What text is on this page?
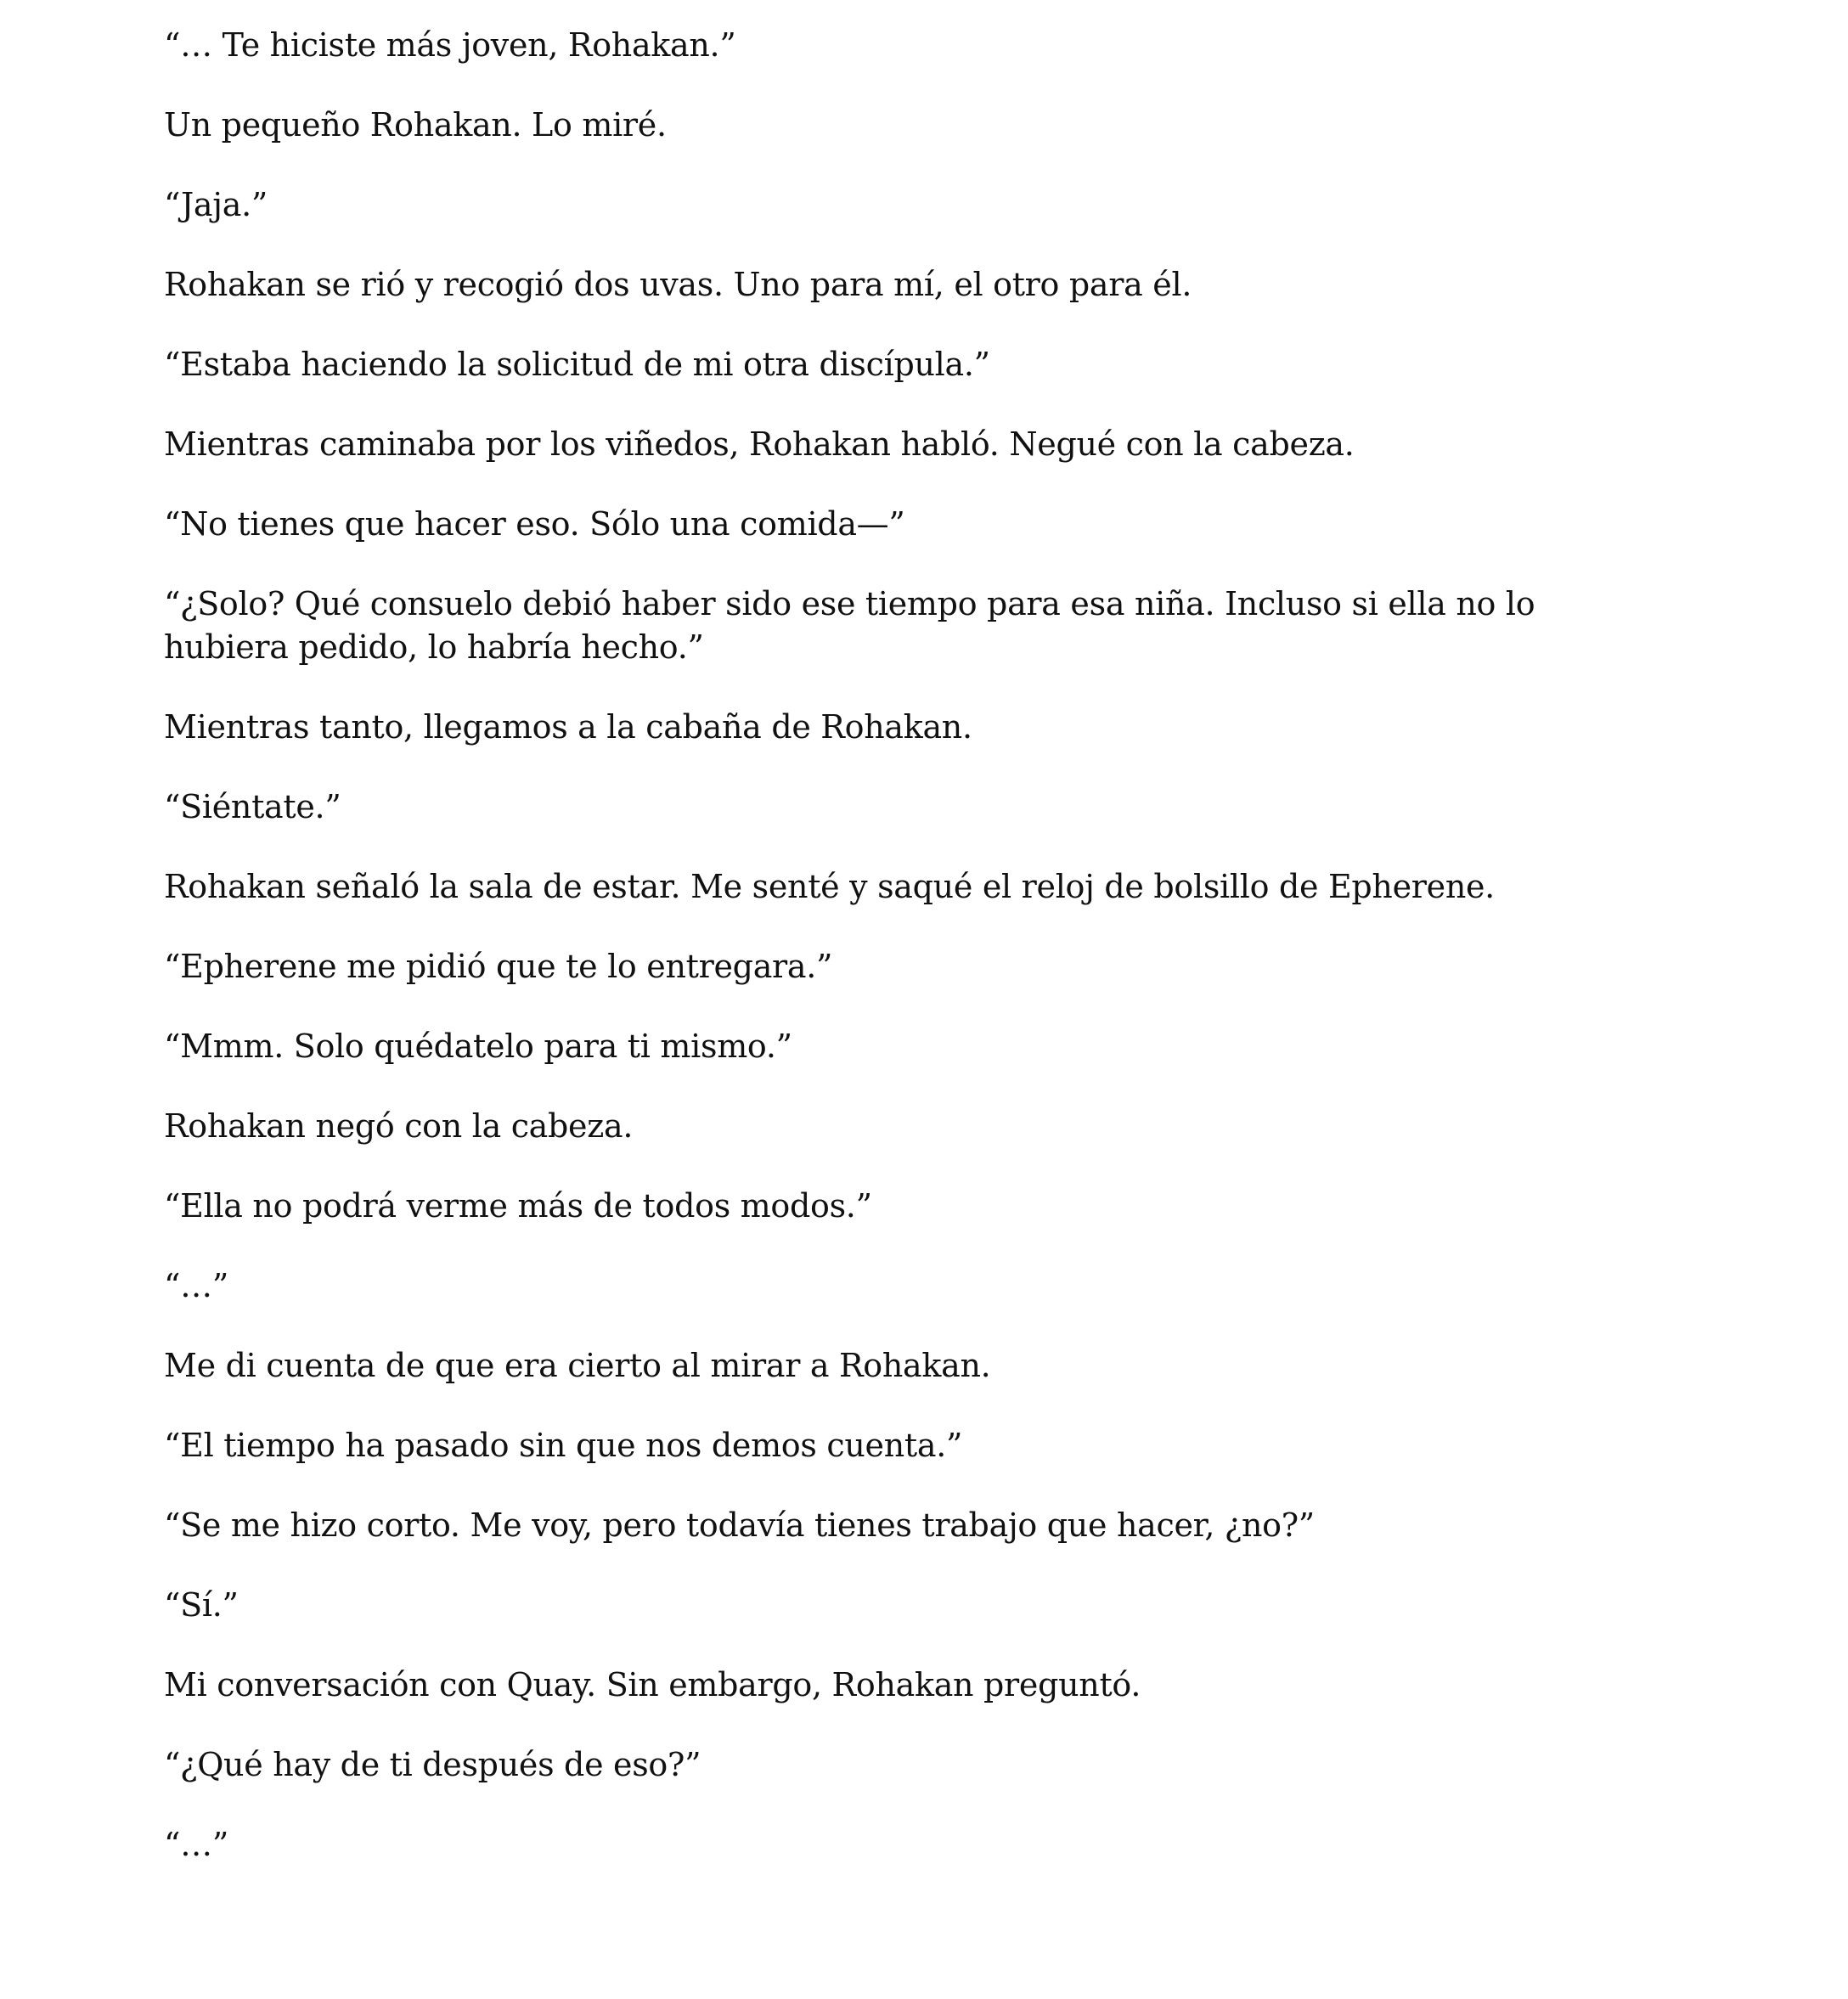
“… Te hiciste más joven, Rohakan.”

Un pequeño Rohakan. Lo miré.

“Jaja.”

Rohakan se rió y recogió dos uvas. Uno para mí, el otro para él.

“Estaba haciendo la solicitud de mi otra discípula.”

Mientras caminaba por los viñedos, Rohakan habló. Negué con la cabeza.

“No tienes que hacer eso. Sólo una comida—”

“¿Solo? Qué consuelo debió haber sido ese tiempo para esa niña. Incluso si ella no lo hubiera pedido, lo habría hecho.”

Mientras tanto, llegamos a la cabaña de Rohakan.

“Siéntate.”

Rohakan señaló la sala de estar. Me senté y saqué el reloj de bolsillo de Epherene.

“Epherene me pidió que te lo entregara.”

“Mmm. Solo quédatelo para ti mismo.”

Rohakan negó con la cabeza.

“Ella no podrá verme más de todos modos.”

“…”

Me di cuenta de que era cierto al mirar a Rohakan.

“El tiempo ha pasado sin que nos demos cuenta.”

“Se me hizo corto. Me voy, pero todavía tienes trabajo que hacer, ¿no?”

“Sí.”

Mi conversación con Quay. Sin embargo, Rohakan preguntó.

“¿Qué hay de ti después de eso?”

“…”
